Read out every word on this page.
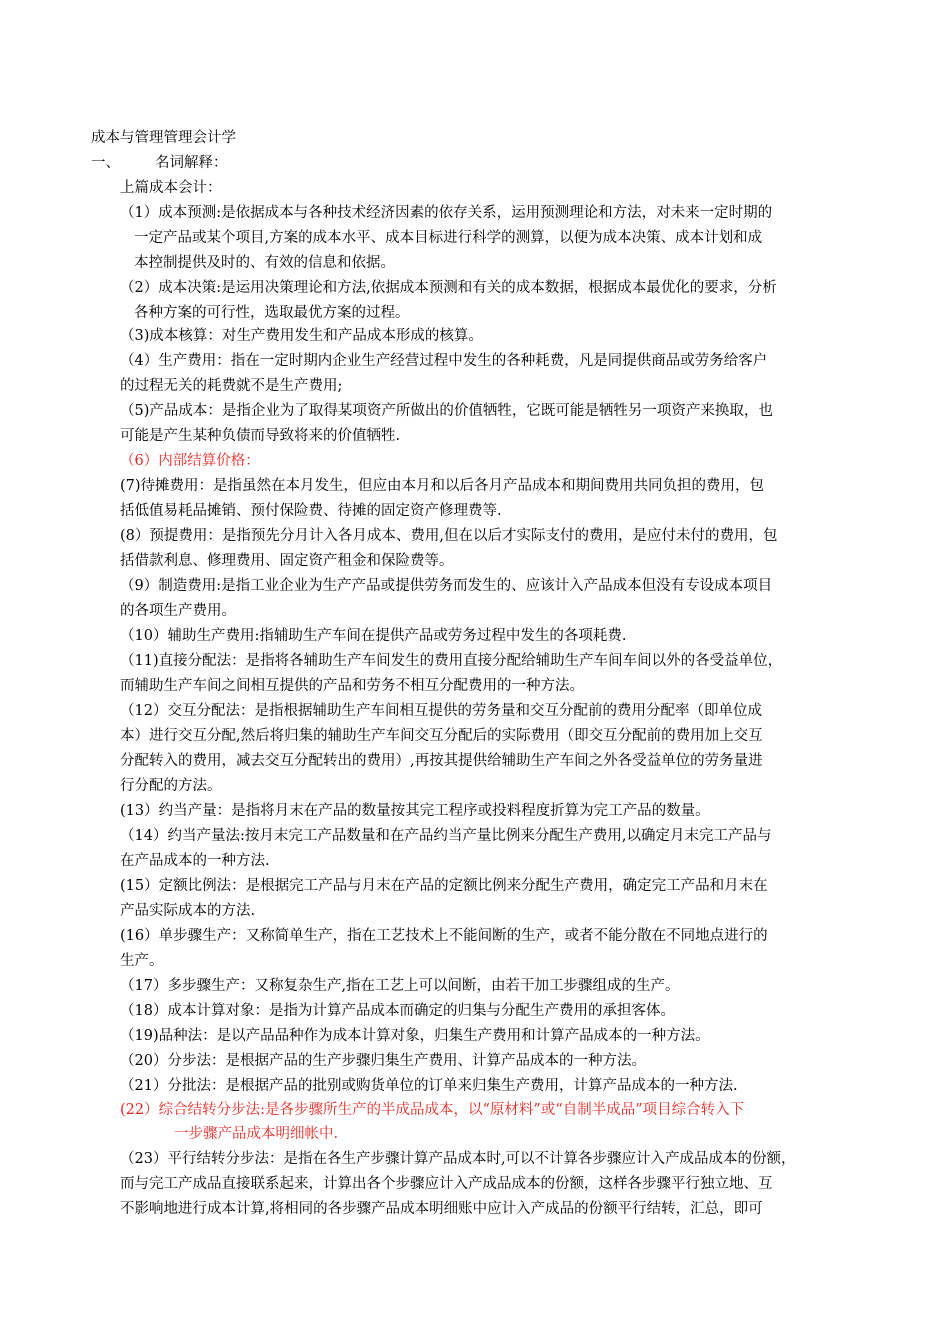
成本与管理管理会计学
一、 名词解释：
上篇成本会计：
（1）成本预测:是依据成本与各种技术经济因素的依存关系，运用预测理论和方法，对未来一定时期的
一定产品或某个项目,方案的成本水平、成本目标进行科学的测算，以便为成本决策、成本计划和成
本控制提供及时的、有效的信息和依据。
（2）成本决策:是运用决策理论和方法,依据成本预测和有关的成本数据，根据成本最优化的要求，分析
各种方案的可行性，选取最优方案的过程。
（3)成本核算：对生产费用发生和产品成本形成的核算。
（4）生产费用：指在一定时期内企业生产经营过程中发生的各种耗费，凡是同提供商品或劳务给客户
的过程无关的耗费就不是生产费用;
（5)产品成本：是指企业为了取得某项资产所做出的价值牺牲，它既可能是牺牲另一项资产来换取，也
可能是产生某种负债而导致将来的价值牺牲.
（6）内部结算价格：
(7)待摊费用：是指虽然在本月发生，但应由本月和以后各月产品成本和期间费用共同负担的费用，包
括低值易耗品摊销、预付保险费、待摊的固定资产修理费等.
(8）预提费用：是指预先分月计入各月成本、费用,但在以后才实际支付的费用，是应付未付的费用，包
括借款利息、修理费用、固定资产租金和保险费等。
（9）制造费用:是指工业企业为生产产品或提供劳务而发生的、应该计入产品成本但没有专设成本项目
的各项生产费用。
（10）辅助生产费用:指辅助生产车间在提供产品或劳务过程中发生的各项耗费.
（11)直接分配法：是指将各辅助生产车间发生的费用直接分配给辅助生产车间车间以外的各受益单位，
而辅助生产车间之间相互提供的产品和劳务不相互分配费用的一种方法。
（12）交互分配法：是指根据辅助生产车间相互提供的劳务量和交互分配前的费用分配率（即单位成
本）进行交互分配,然后将归集的辅助生产车间交互分配后的实际费用（即交互分配前的费用加上交互
分配转入的费用，减去交互分配转出的费用）,再按其提供给辅助生产车间之外各受益单位的劳务量进
行分配的方法。
(13）约当产量：是指将月末在产品的数量按其完工程序或投料程度折算为完工产品的数量。
（14）约当产量法:按月末完工产品数量和在产品约当产量比例来分配生产费用,以确定月末完工产品与
在产品成本的一种方法.
(15）定额比例法：是根据完工产品与月末在产品的定额比例来分配生产费用，确定完工产品和月末在
产品实际成本的方法.
(16）单步骤生产：又称简单生产，指在工艺技术上不能间断的生产，或者不能分散在不同地点进行的
生产。
（17）多步骤生产：又称复杂生产,指在工艺上可以间断，由若干加工步骤组成的生产。
（18）成本计算对象：是指为计算产品成本而确定的归集与分配生产费用的承担客体。
（19)品种法：是以产品品种作为成本计算对象，归集生产费用和计算产品成本的一种方法。
（20）分步法：是根据产品的生产步骤归集生产费用、计算产品成本的一种方法。
（21）分批法：是根据产品的批别或购货单位的订单来归集生产费用，计算产品成本的一种方法.
(22）综合结转分步法:是各步骤所生产的半成品成本，以“原材料”或“自制半成品”项目综合转入下
一步骤产品成本明细帐中.
（23）平行结转分步法：是指在各生产步骤计算产品成本时,可以不计算各步骤应计入产成品成本的份额，
而与完工产成品直接联系起来，计算出各个步骤应计入产成品成本的份额，这样各步骤平行独立地、互
不影响地进行成本计算,将相同的各步骤产品成本明细账中应计入产成品的份额平行结转，汇总，即可
